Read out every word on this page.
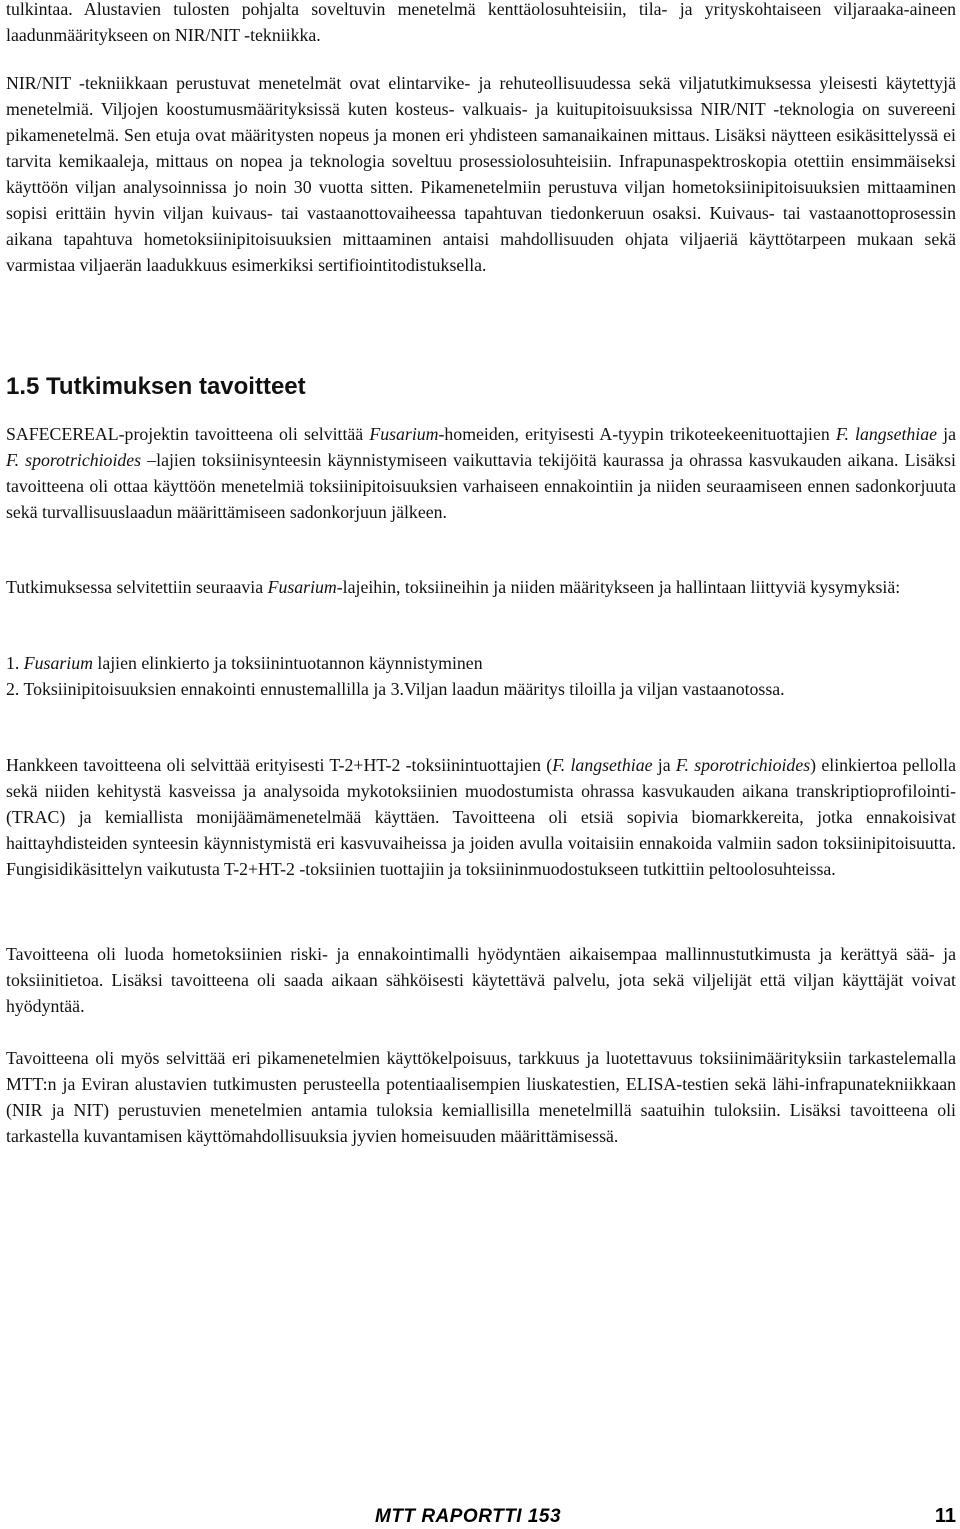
tulkintaa. Alustavien tulosten pohjalta soveltuvin menetelmä kenttäolosuhteisiin, tila- ja yrityskohtaiseen viljaraaka-aineen laadunmääritykseen on NIR/NIT -tekniikka.

NIR/NIT -tekniikkaan perustuvat menetelmät ovat elintarvike- ja rehuteollisuudessa sekä viljatutkimuksessa yleisesti käytettyjä menetelmiä. Viljojen koostumusmäärityksissä kuten kosteus- valkuais- ja kuitupitoisuuksissa NIR/NIT -teknologia on suvereeni pikamenetelmä. Sen etuja ovat määritysten nopeus ja monen eri yhdisteen samanaikainen mittaus. Lisäksi näytteen esikäsittelyssä ei tarvita kemikaaleja, mittaus on nopea ja teknologia soveltuu prosessiolosuhteisiin. Infrapunaspektroskopia otettiin ensimmäiseksi käyttöön viljan analysoinnissa jo noin 30 vuotta sitten. Pikamenetelmiin perustuva viljan hometoksiinipitoisuuksien mittaaminen sopisi erittäin hyvin viljan kuivaus- tai vastaanottovaiheessa tapahtuvan tiedonkeruun osaksi. Kuivaus- tai vastaanottoprosessin aikana tapahtuva hometoksiinipitoisuuksien mittaaminen antaisi mahdollisuuden ohjata viljaeriä käyttötarpeen mukaan sekä varmistaa viljaerän laadukkuus esimerkiksi sertifiointitodistuksella.

1.5 Tutkimuksen tavoitteet

SAFECEREAL-projektin tavoitteena oli selvittää Fusarium-homeiden, erityisesti A-tyypin trikoteekeenituottajien F. langsethiae ja F. sporotrichioides –lajien toksiinisynteesin käynnistymiseen vaikuttavia tekijöitä kaurassa ja ohrassa kasvukauden aikana. Lisäksi tavoitteena oli ottaa käyttöön menetelmiä toksiinipitoisuuksien varhaiseen ennakointiin ja niiden seuraamiseen ennen sadonkorjuuta sekä turvallisuuslaadun määrittämiseen sadonkorjuun jälkeen.

Tutkimuksessa selvitettiin seuraavia Fusarium-lajeihin, toksiineihin ja niiden määritykseen ja hallintaan liittyviä kysymyksiä:

1. Fusarium lajien elinkierto ja toksiinintuotannon käynnistyminen

2. Toksiinipitoisuuksien ennakointi ennustemallilla ja 3.Viljan laadun määritys tiloilla ja viljan vastaanotossa.

Hankkeen tavoitteena oli selvittää erityisesti T-2+HT-2 -toksiinintuottajien (F. langsethiae ja F. sporotrichioides) elinkiertoa pellolla sekä niiden kehitystä kasveissa ja analysoida mykotoksiinien muodostumista ohrassa kasvukauden aikana transkriptioprofilointi- (TRAC) ja kemiallista monijäämämenetelmää käyttäen. Tavoitteena oli etsiä sopivia biomarkkereita, jotka ennakoisivat haittayhdisteiden synteesin käynnistymistä eri kasvuvaiheissa ja joiden avulla voitaisiin ennakoida valmiin sadon toksiinipitoisuutta. Fungisidikäsittelyn vaikutusta T-2+HT-2 -toksiinien tuottajiin ja toksiininmuodostukseen tutkittiin peltoolosuhteissa.

Tavoitteena oli luoda hometoksiinien riski- ja ennakointimalli hyödyntäen aikaisempaa mallinnustutkimusta ja kerättyä sää- ja toksiinitietoa. Lisäksi tavoitteena oli saada aikaan sähköisesti käytettävä palvelu, jota sekä viljelijät että viljan käyttäjät voivat hyödyntää.

Tavoitteena oli myös selvittää eri pikamenetelmien käyttökelpoisuus, tarkkuus ja luotettavuus toksiinimäärityksiin tarkastelemalla MTT:n ja Eviran alustavien tutkimusten perusteella potentiaalisempien liuskatestien, ELISA-testien sekä lähi-infrapunatekniikkaan (NIR ja NIT) perustuvien menetelmien antamia tuloksia kemiallisilla menetelmillä saatuihin tuloksiin. Lisäksi tavoitteena oli tarkastella kuvantamisen käyttömahdollisuuksia jyvien homeisuuden määrittämisessä.

MTT RAPORTTI 153	11
